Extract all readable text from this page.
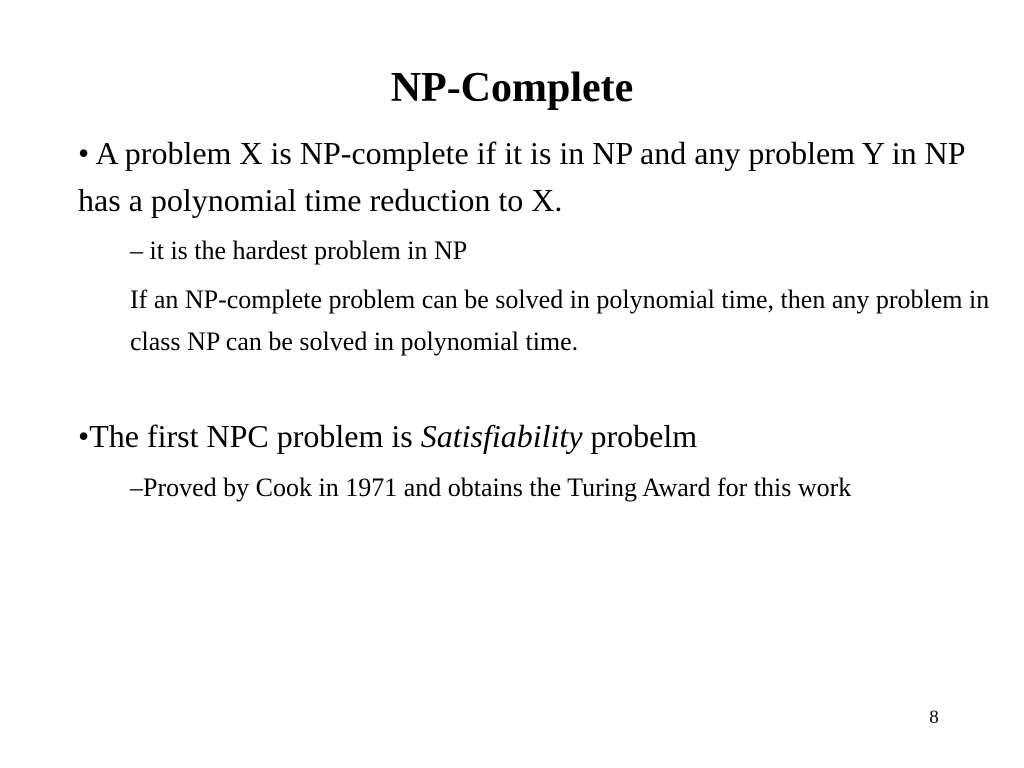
NP-Complete
• A problem X is NP-complete if it is in NP and any problem Y in NP has a polynomial time reduction to X.
– it is the hardest problem in NP
If an NP-complete problem can be solved in polynomial time, then any problem in class NP can be solved in polynomial time.
•The first NPC problem is Satisfiability probelm
–Proved by Cook in 1971 and obtains the Turing Award for this work
8
